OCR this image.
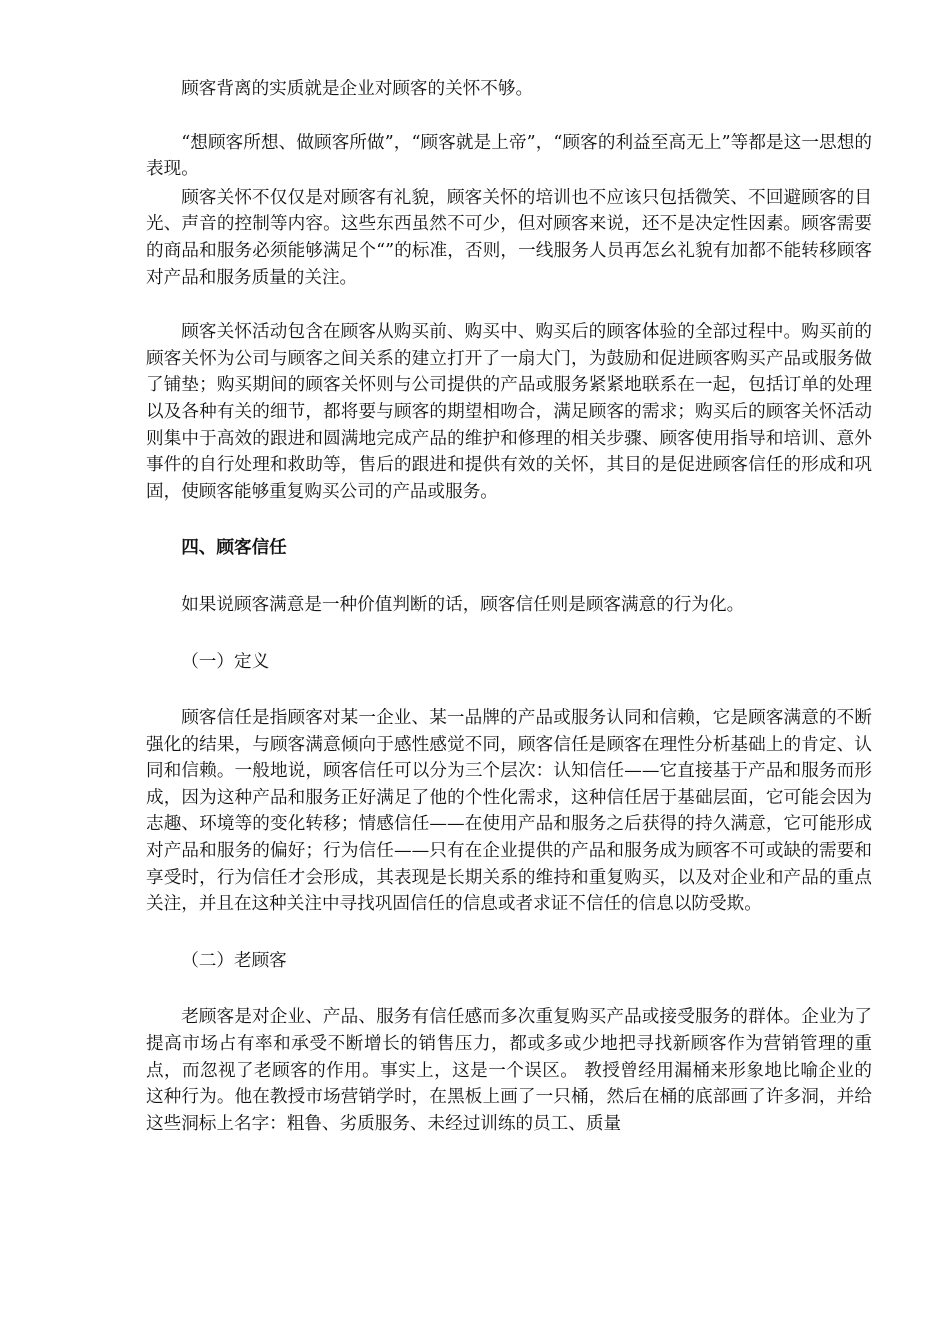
顾客背离的实质就是企业对顾客的关怀不够。

“想顾客所想、做顾客所做”，“顾客就是上帝”，“顾客的利益至高无上”等都是这一思想的表现。

顾客关怀不仅仅是对顾客有礼貌，顾客关怀的培训也不应该只包括微笑、不回避顾客的目光、声音的控制等内容。这些东西虽然不可少，但对顾客来说，还不是决定性因素。顾客需要的商品和服务必须能够满足个“”的标准，否则，一线服务人员再怎幺礼貌有加都不能转移顾客对产品和服务质量的关注。

顾客关怀活动包含在顾客从购买前、购买中、购买后的顾客体验的全部过程中。购买前的顾客关怀为公司与顾客之间关系的建立打开了一扇大门，为鼓励和促进顾客购买产品或服务做了铺垫；购买期间的顾客关怀则与公司提供的产品或服务紧紧地联系在一起，包括订单的处理以及各种有关的细节，都将要与顾客的期望相吻合，满足顾客的需求；购买后的顾客关怀活动则集中于高效的跟进和圆满地完成产品的维护和修理的相关步骤、顾客使用指导和培训、意外事件的自行处理和救助等，售后的跟进和提供有效的关怀，其目的是促进顾客信任的形成和巩固，使顾客能够重复购买公司的产品或服务。

四、顾客信任

如果说顾客满意是一种价值判断的话，顾客信任则是顾客满意的行为化。

（一）定义

顾客信任是指顾客对某一企业、某一品牌的产品或服务认同和信赖，它是顾客满意的不断强化的结果，与顾客满意倾向于感性感觉不同，顾客信任是顾客在理性分析基础上的肯定、认同和信赖。一般地说，顾客信任可以分为三个层次：认知信任——它直接基于产品和服务而形成，因为这种产品和服务正好满足了他的个性化需求，这种信任居于基础层面，它可能会因为志趣、环境等的变化转移；情感信任——在使用产品和服务之后获得的持久满意，它可能形成对产品和服务的偏好；行为信任——只有在企业提供的产品和服务成为顾客不可或缺的需要和享受时，行为信任才会形成，其表现是长期关系的维持和重复购买，以及对企业和产品的重点关注，并且在这种关注中寻找巩固信任的信息或者求证不信任的信息以防受欺。

（二）老顾客

老顾客是对企业、产品、服务有信任感而多次重复购买产品或接受服务的群体。企业为了提高市场占有率和承受不断增长的销售压力，都或多或少地把寻找新顾客作为营销管理的重点，而忽视了老顾客的作用。事实上，这是一个误区。 教授曾经用漏桶来形象地比喻企业的这种行为。他在教授市场营销学时，在黑板上画了一只桶，然后在桶的底部画了许多洞，并给这些洞标上名字：粗鲁、劣质服务、未经过训练的员工、质量
